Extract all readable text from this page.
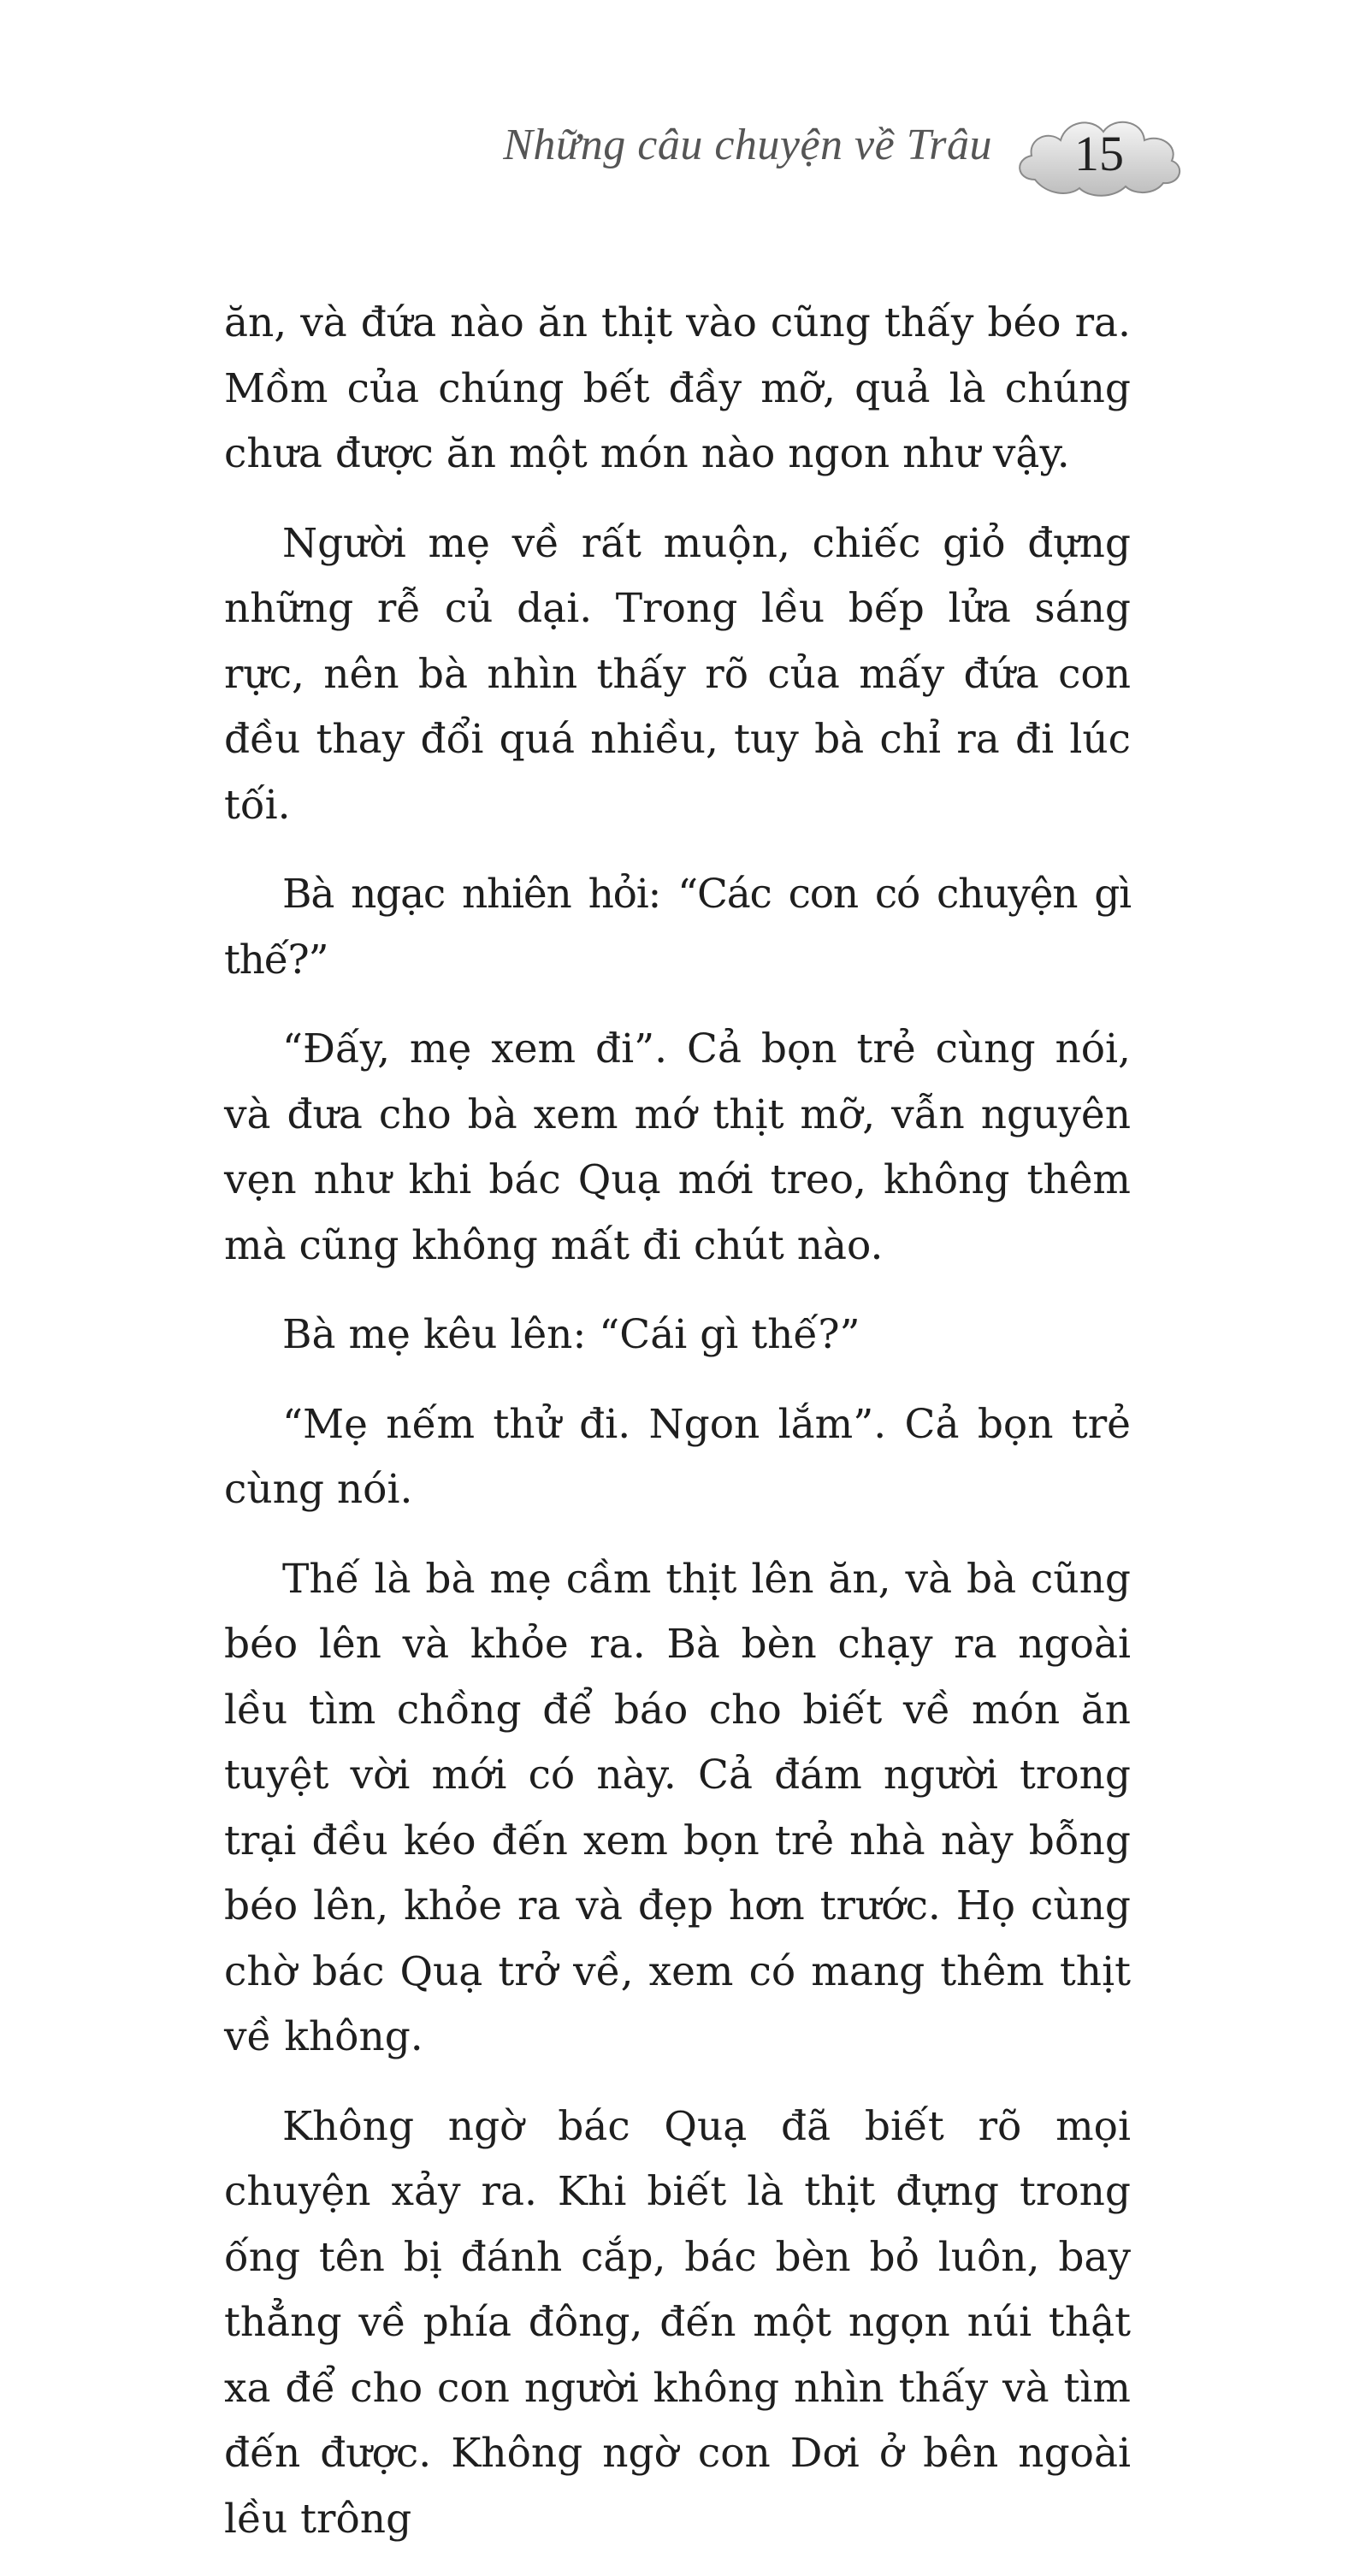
Những câu chuyện về Trâu	15

ăn, và đứa nào ăn thịt vào cũng thấy béo ra. Mồm của chúng bết đầy mỡ, quả là chúng chưa được ăn một món nào ngon như vậy.

Người mẹ về rất muộn, chiếc giỏ đựng những rễ củ dại. Trong lều bếp lửa sáng rực, nên bà nhìn thấy rõ của mấy đứa con đều thay đổi quá nhiều, tuy bà chỉ ra đi lúc tối.

Bà ngạc nhiên hỏi: “Các con có chuyện gì thế?”

“Đấy, mẹ xem đi”. Cả bọn trẻ cùng nói, và đưa cho bà xem mớ thịt mỡ, vẫn nguyên vẹn như khi bác Quạ mới treo, không thêm mà cũng không mất đi chút nào.

Bà mẹ kêu lên: “Cái gì thế?”

“Mẹ nếm thử đi. Ngon lắm”. Cả bọn trẻ cùng nói.

Thế là bà mẹ cầm thịt lên ăn, và bà cũng béo lên và khỏe ra. Bà bèn chạy ra ngoài lều tìm chồng để báo cho biết về món ăn tuyệt vời mới có này. Cả đám người trong trại đều kéo đến xem bọn trẻ nhà này bỗng béo lên, khỏe ra và đẹp hơn trước. Họ cùng chờ bác Quạ trở về, xem có mang thêm thịt về không.

Không ngờ bác Quạ đã biết rõ mọi chuyện xảy ra. Khi biết là thịt đựng trong ống tên bị đánh cắp, bác bèn bỏ luôn, bay thẳng về phía đông, đến một ngọn núi thật xa để cho con người không nhìn thấy và tìm đến được. Không ngờ con Dơi ở bên ngoài lều trông
